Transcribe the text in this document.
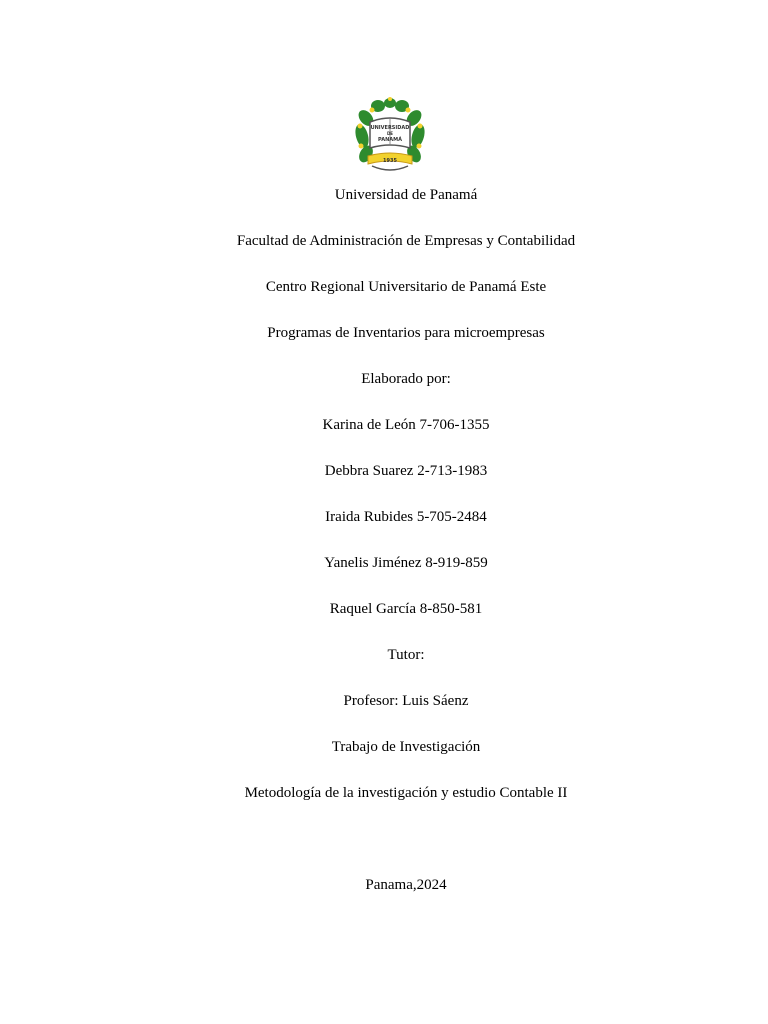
UNIVERSIDAD
DE
PANAMÁ
1935
Universidad de Panamá
Facultad de Administración de Empresas y Contabilidad
Centro Regional Universitario de Panamá Este
Programas de Inventarios para microempresas
Elaborado por:
Karina de León 7-706-1355
Debbra Suarez 2-713-1983
Iraida Rubides 5-705-2484
Yanelis Jiménez 8-919-859
Raquel García 8-850-581
Tutor:
Profesor: Luis Sáenz
Trabajo de Investigación
Metodología de la investigación y estudio Contable II
Panama,2024
